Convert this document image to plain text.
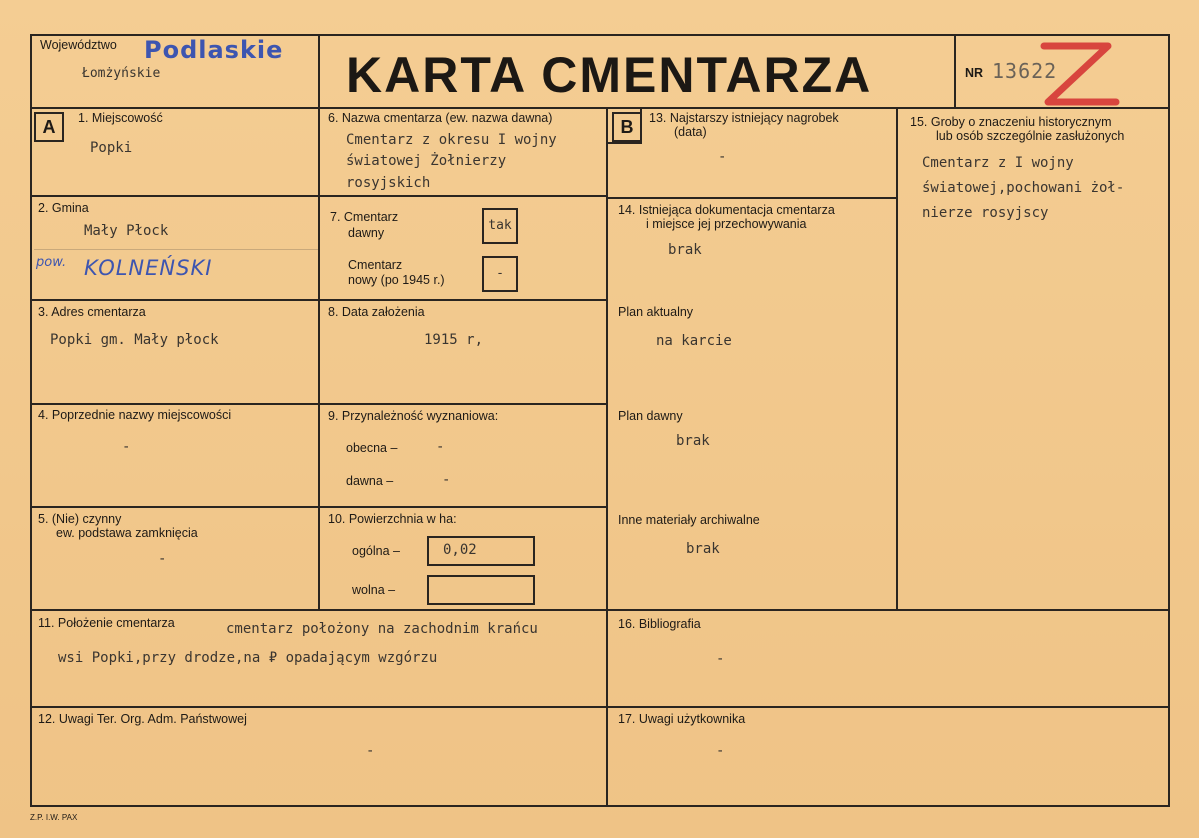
Województwo Podlaskie
Łomżyńskie	KARTA CMENTARZA	NR 13622
A	1. Miejscowość
Popki
2. Gmina
Mały Płock
pow. KOLNEŃSKI
3. Adres cmentarza
Popki gm. Mały płock
4. Poprzednie nazwy miejscowości
-
5. (Nie) czynny
ew. podstawa zamknięcia
-
6. Nazwa cmentarza (ew. nazwa dawna)
Cmentarz z okresu I wojny
światowej Żołnierzy
rosyjskich
7. Cmentarz
dawny	tak
Cmentarz
nowy (po 1945 r.)	-
8. Data założenia
1915 r,
9. Przynależność wyznaniowa:
obecna –	-
dawna –	-
10. Powierzchnia w ha:
ogólna –	0,02
wolna –
B	13. Najstarszy istniejący nagrobek
(data)
-
14. Istniejąca dokumentacja cmentarza
i miejsce jej przechowywania
brak
Plan aktualny
na karcie
Plan dawny
brak
Inne materiały archiwalne
brak
15. Groby o znaczeniu historycznym
lub osób szczególnie zasłużonych
Cmentarz z I wojny
światowej,pochowani żoł-
nierze rosyjscy
11. Położenie cmentarza	cmentarz położony na zachodnim krańcu
wsi Popki,przy drodze,na ₽ opadającym wzgórzu
16. Bibliografia
-
12. Uwagi Ter. Org. Adm. Państwowej
-
17. Uwagi użytkownika
-
Z.P. I.W. PAX
